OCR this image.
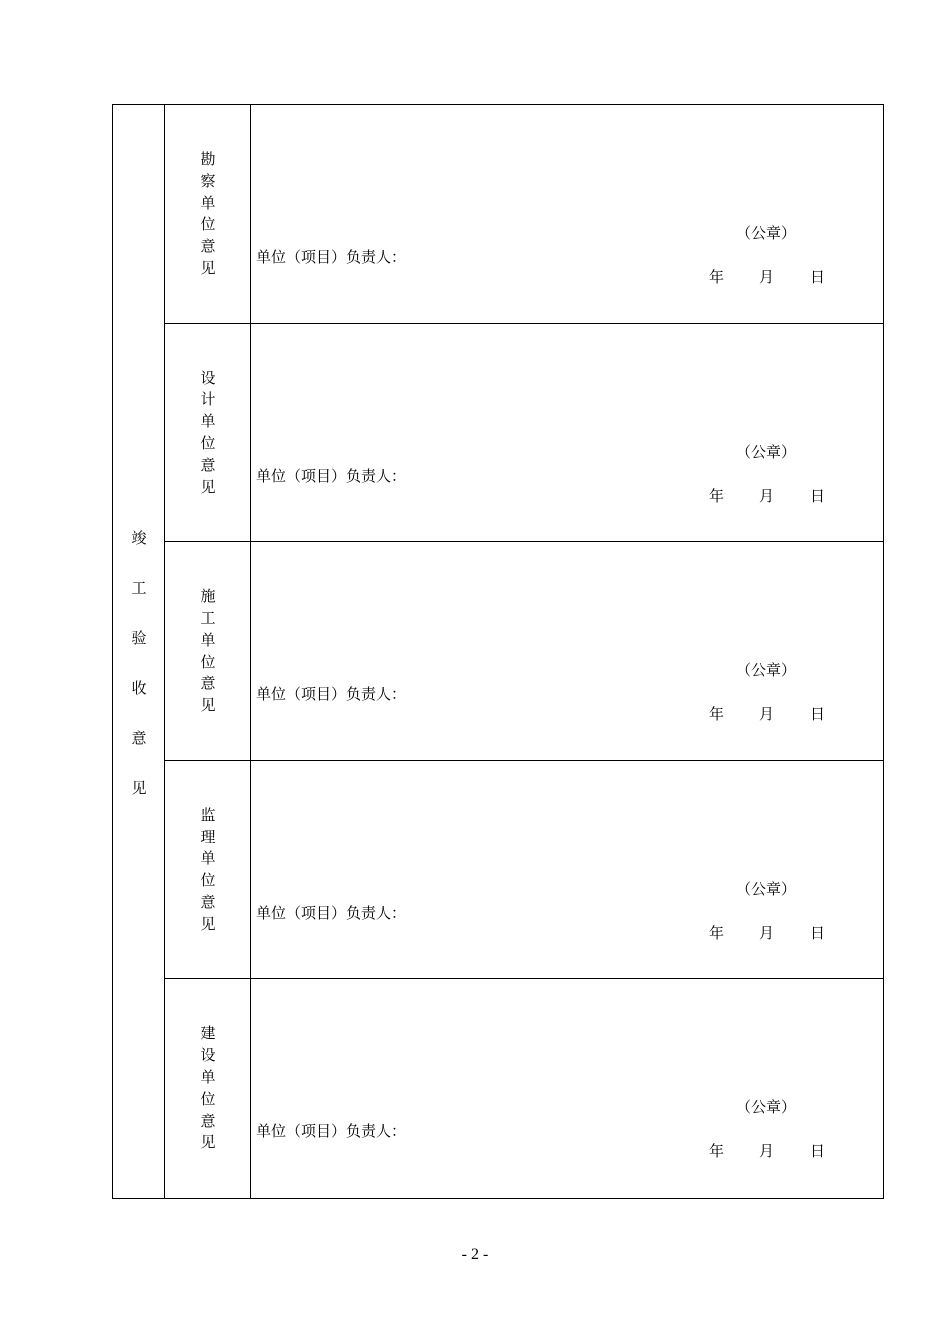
竣
工
验
收
意
见
勘
察
单
位
意
见
单位（项目）负责人：
（公章）
年 月 日
设
计
单
位
意
见
单位（项目）负责人：
（公章）
年 月 日
施
工
单
位
意
见
单位（项目）负责人：
（公章）
年 月 日
监
理
单
位
意
见
单位（项目）负责人：
（公章）
年 月 日
建
设
单
位
意
见
单位（项目）负责人：
（公章）
年 月 日
- 2 -
